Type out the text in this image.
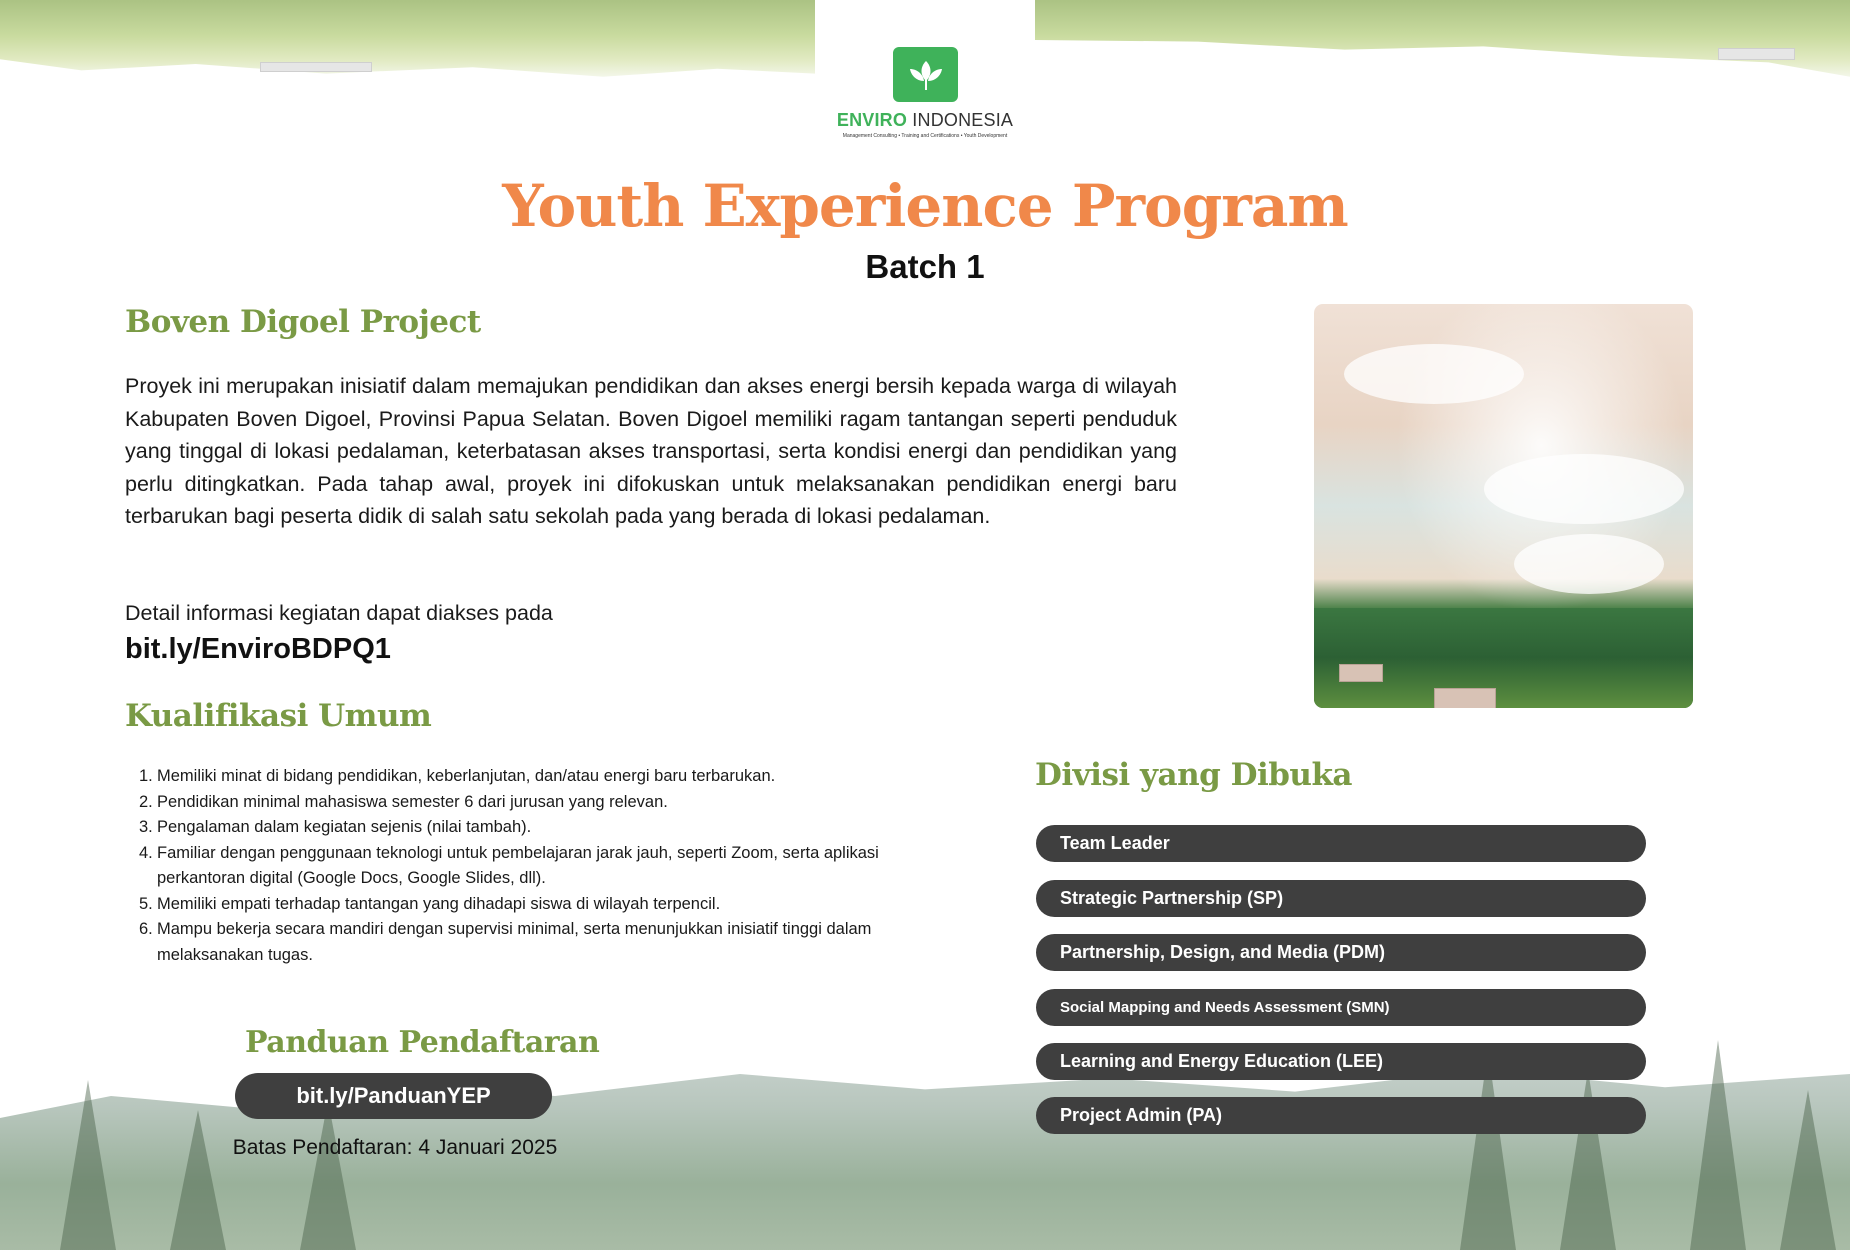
ENVIRO INDONESIA
Management Consulting • Training and Certifications • Youth Development
Youth Experience Program
Batch 1
Boven Digoel Project
Proyek ini merupakan inisiatif dalam memajukan pendidikan dan akses energi bersih kepada warga di wilayah Kabupaten Boven Digoel, Provinsi Papua Selatan. Boven Digoel memiliki ragam tantangan seperti penduduk yang tinggal di lokasi pedalaman, keterbatasan akses transportasi, serta kondisi energi dan pendidikan yang perlu ditingkatkan. Pada tahap awal, proyek ini difokuskan untuk melaksanakan pendidikan energi baru terbarukan bagi peserta didik di salah satu sekolah pada yang berada di lokasi pedalaman.
Detail informasi kegiatan dapat diakses pada
bit.ly/EnviroBDPQ1
Kualifikasi Umum
1. Memiliki minat di bidang pendidikan, keberlanjutan, dan/atau energi baru terbarukan.
2. Pendidikan minimal mahasiswa semester 6 dari jurusan yang relevan.
3. Pengalaman dalam kegiatan sejenis (nilai tambah).
4. Familiar dengan penggunaan teknologi untuk pembelajaran jarak jauh, seperti Zoom, serta aplikasi perkantoran digital (Google Docs, Google Slides, dll).
5. Memiliki empati terhadap tantangan yang dihadapi siswa di wilayah terpencil.
6. Mampu bekerja secara mandiri dengan supervisi minimal, serta menunjukkan inisiatif tinggi dalam melaksanakan tugas.
Panduan Pendaftaran
bit.ly/PanduanYEP
Batas Pendaftaran: 4 Januari 2025
Divisi yang Dibuka
Team Leader
Strategic Partnership (SP)
Partnership, Design, and Media (PDM)
Social Mapping and Needs Assessment (SMN)
Learning and Energy Education (LEE)
Project Admin (PA)
